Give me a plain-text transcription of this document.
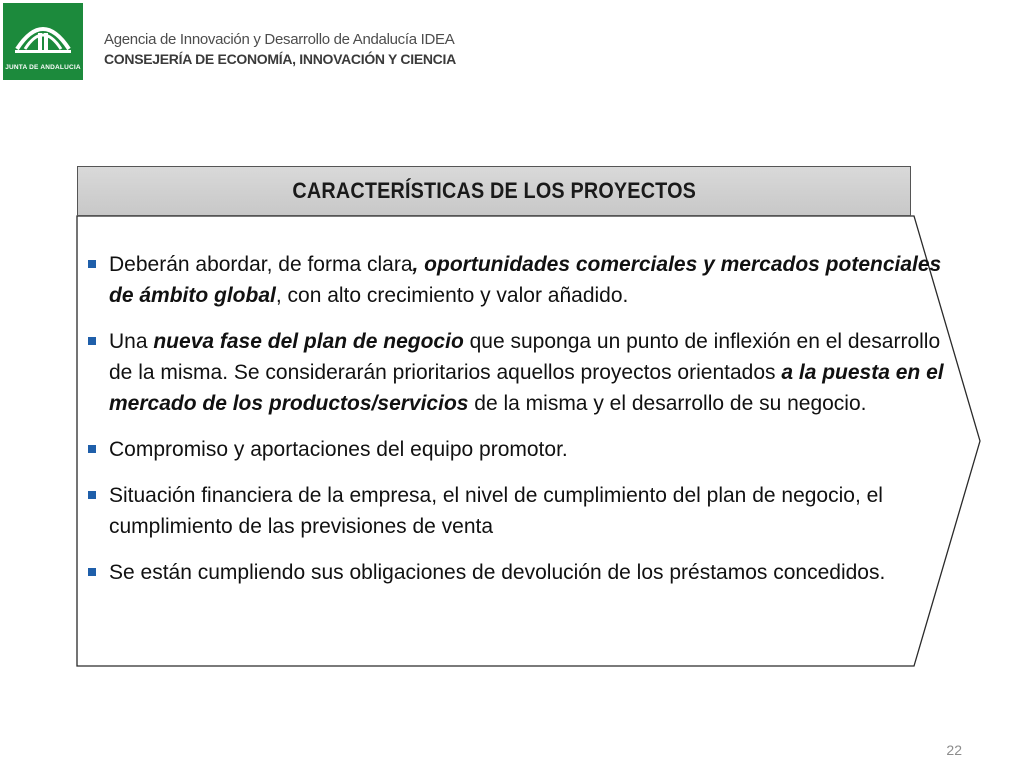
JUNTA DE ANDALUCIA
Agencia de Innovación y Desarrollo de Andalucía IDEA
CONSEJERÍA DE ECONOMÍA, INNOVACIÓN Y CIENCIA
CARACTERÍSTICAS DE LOS PROYECTOS
Deberán abordar, de forma clara, oportunidades comerciales y mercados potenciales de ámbito global, con alto crecimiento y valor añadido.
Una nueva fase del plan de negocio que suponga un punto de inflexión en el desarrollo de la misma. Se considerarán prioritarios aquellos proyectos orientados a la puesta en el mercado de los productos/servicios de la misma y el desarrollo de su negocio.
Compromiso y aportaciones del equipo promotor.
Situación financiera de la empresa, el nivel de cumplimiento del plan de negocio, el cumplimiento de las previsiones de venta
Se están cumpliendo sus obligaciones de devolución de los préstamos concedidos.
22
